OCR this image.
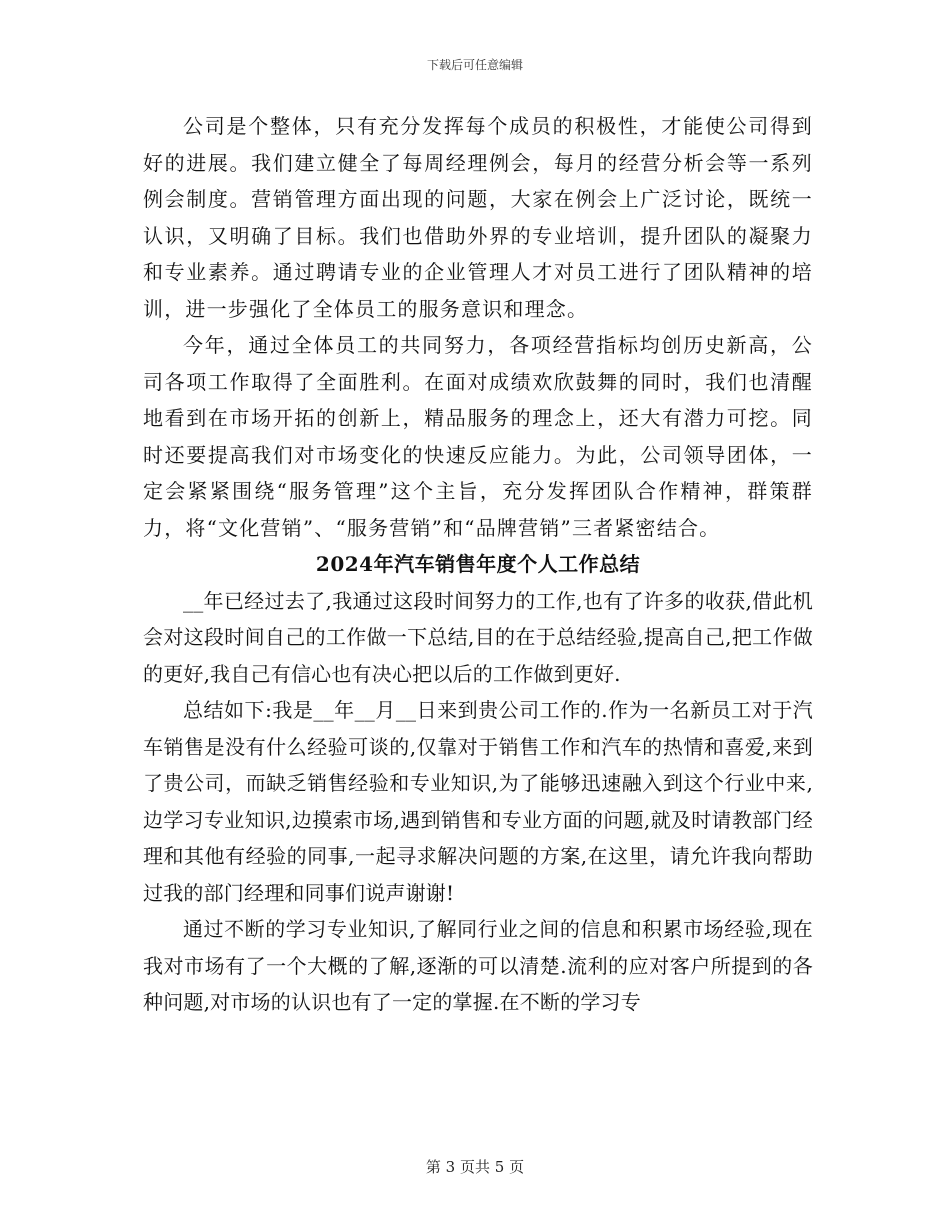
下载后可任意编辑

公司是个整体，只有充分发挥每个成员的积极性，才能使公司得到好的进展。我们建立健全了每周经理例会，每月的经营分析会等一系列例会制度。营销管理方面出现的问题，大家在例会上广泛讨论，既统一认识，又明确了目标。我们也借助外界的专业培训，提升团队的凝聚力和专业素养。通过聘请专业的企业管理人才对员工进行了团队精神的培训，进一步强化了全体员工的服务意识和理念。

今年，通过全体员工的共同努力，各项经营指标均创历史新高，公司各项工作取得了全面胜利。在面对成绩欢欣鼓舞的同时，我们也清醒地看到在市场开拓的创新上，精品服务的理念上，还大有潜力可挖。同时还要提高我们对市场变化的快速反应能力。为此，公司领导团体，一定会紧紧围绕“服务管理”这个主旨，充分发挥团队合作精神，群策群力，将“文化营销”、“服务营销”和“品牌营销”三者紧密结合。

2024年汽车销售年度个人工作总结

__年已经过去了,我通过这段时间努力的工作,也有了许多的收获,借此机会对这段时间自己的工作做一下总结,目的在于总结经验,提高自己,把工作做的更好,我自己有信心也有决心把以后的工作做到更好.

总结如下:我是__年__月__日来到贵公司工作的.作为一名新员工对于汽车销售是没有什么经验可谈的,仅靠对于销售工作和汽车的热情和喜爱,来到了贵公司，而缺乏销售经验和专业知识,为了能够迅速融入到这个行业中来,边学习专业知识,边摸索市场,遇到销售和专业方面的问题,就及时请教部门经理和其他有经验的同事,一起寻求解决问题的方案,在这里，请允许我向帮助过我的部门经理和同事们说声谢谢!

通过不断的学习专业知识,了解同行业之间的信息和积累市场经验,现在我对市场有了一个大概的了解,逐渐的可以清楚.流利的应对客户所提到的各种问题,对市场的认识也有了一定的掌握.在不断的学习专

第 3 页共 5 页
